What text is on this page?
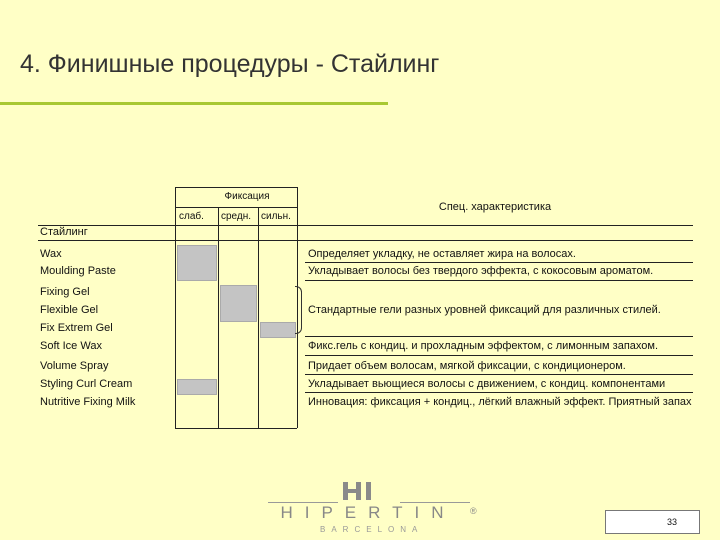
4. Финишные процедуры - Стайлинг
Фиксация
слаб. средн. сильн.
Спец. характеристика
Стайлинг
Wax
Moulding Paste
Fixing Gel
Flexible Gel
Fix Extrem Gel
Soft Ice Wax
Volume Spray
Styling Curl Cream
Nutritive Fixing Milk
Определяет укладку, не оставляет жира на волосах.
Укладывает волосы без твердого эффекта, с кокосовым ароматом.
Стандартные гели разных уровней фиксаций для различных стилей.
Фикс.гель с кондиц. и прохладным эффектом, с лимонным запахом.
Придает объем волосам, мягкой фиксации, с кондиционером.
Укладывает вьющиеся волосы с движением, с кондиц. компонентами
Инновация: фиксация + кондиц., лёгкий влажный эффект. Приятный запах
HIPERTIN	®
BARCELONA
33
